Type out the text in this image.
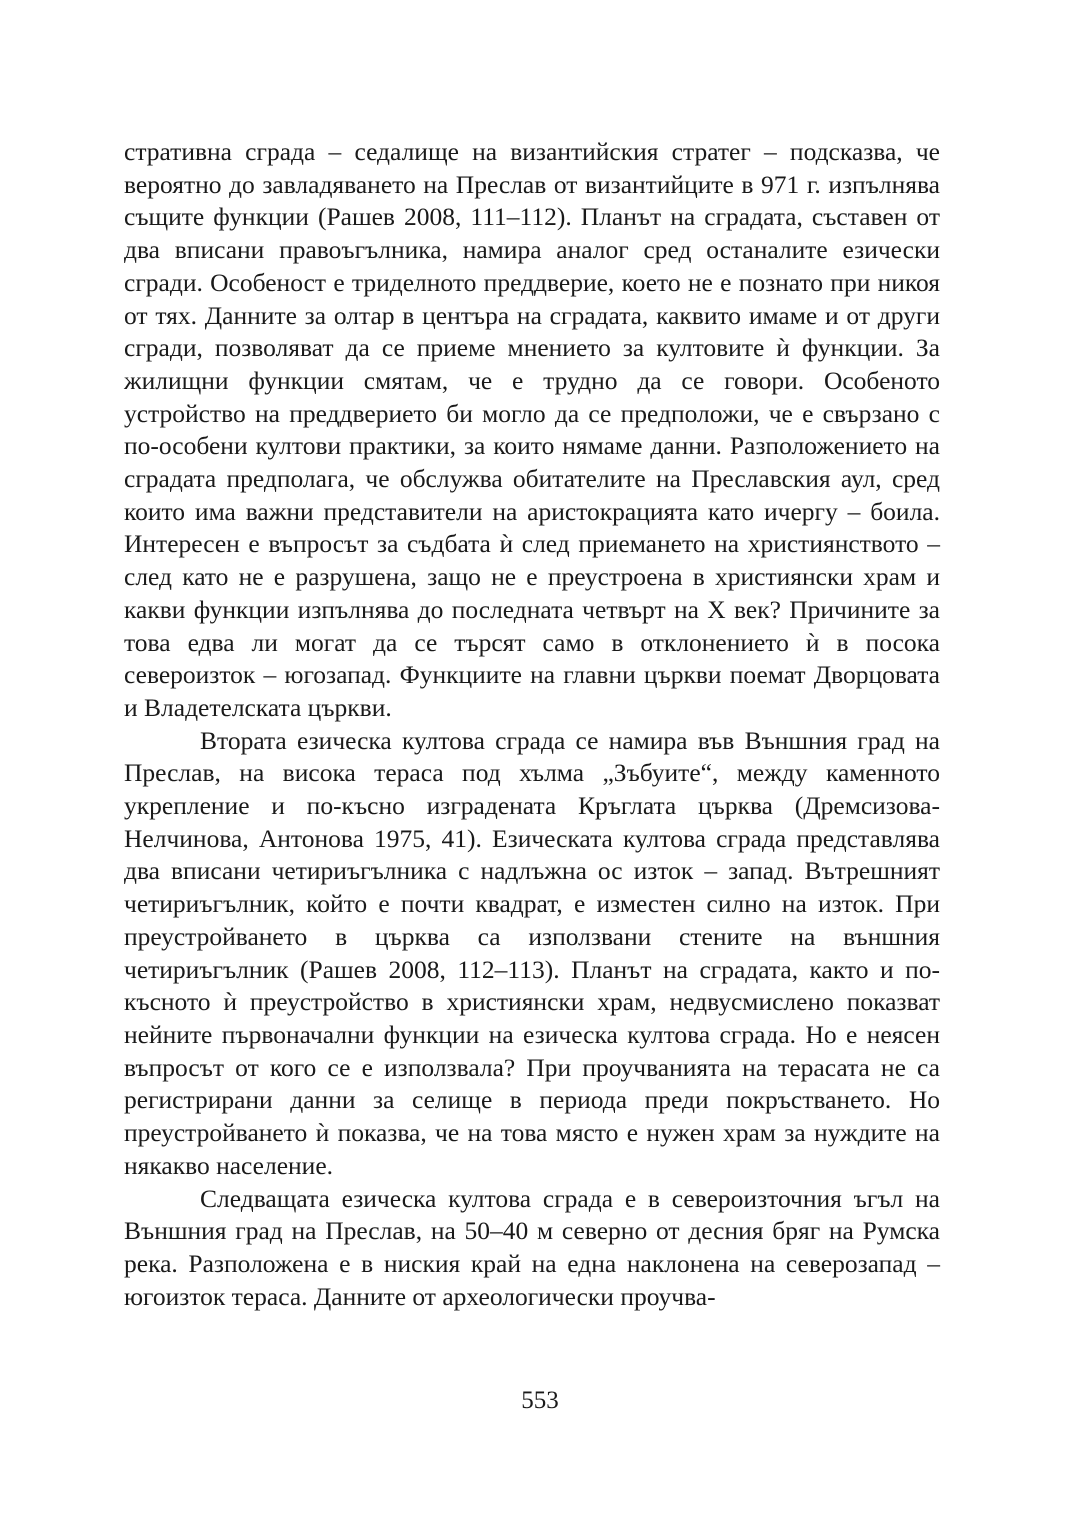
стративна сграда – седалище на византийския стратег – подсказва, че вероятно до завладяването на Преслав от византийците в 971 г. изпълнява същите функции (Рашев 2008, 111–112). Планът на сградата, съставен от два вписани правоъгълника, намира аналог сред останалите езически сгради. Особеност е триделното преддверие, което не е познато при никоя от тях. Данните за олтар в центъра на сградата, каквито имаме и от други сгради, позволяват да се приеме мнението за култовите ѝ функции. За жилищни функции смятам, че е трудно да се говори. Особеното устройство на преддверието би могло да се предположи, че е свързано с по-особени култови практики, за които нямаме данни. Разположението на сградата предполага, че обслужва обитателите на Преславския аул, сред които има важни представители на аристокрацията като ичергу – боила. Интересен е въпросът за съдбата ѝ след приемането на християнството – след като не е разрушена, защо не е преустроена в християнски храм и какви функции изпълнява до последната четвърт на X век? Причините за това едва ли могат да се търсят само в отклонението ѝ в посока североизток – югозапад. Функциите на главни църкви поемат Дворцовата и Владетелската църкви.

Втората езическа култова сграда се намира във Външния град на Преслав, на висока тераса под хълма „Зъбуите“, между каменното укрепление и по-късно изградената Кръглата църква (Дремсизова-Нелчинова, Антонова 1975, 41). Езическата култова сграда представлява два вписани четириъгълника с надлъжна ос изток – запад. Вътрешният четириъгълник, който е почти квадрат, е изместен силно на изток. При преустройването в църква са използвани стените на външния четириъгълник (Рашев 2008, 112–113). Планът на сградата, както и по-късното ѝ преустройство в християнски храм, недвусмислено показват нейните първоначални функции на езическа култова сграда. Но е неясен въпросът от кого се е използвала? При проучванията на терасата не са регистрирани данни за селище в периода преди покръстването. Но преустройването ѝ показва, че на това място е нужен храм за нуждите на някакво население.

Следващата езическа култова сграда е в североизточния ъгъл на Външния град на Преслав, на 50–40 м северно от десния бряг на Румска река. Разположена е в ниския край на една наклонена на северозапад – югоизток тераса. Данните от археологически проучва-

553
